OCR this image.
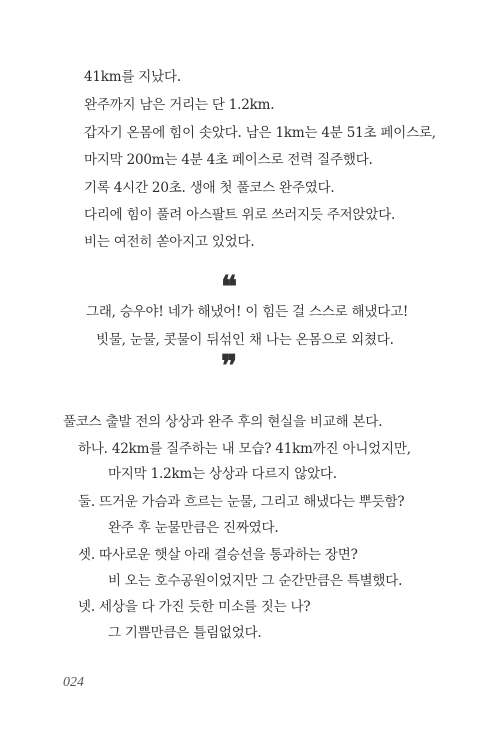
41km를 지났다.
완주까지 남은 거리는 단 1.2km.
갑자기 온몸에 힘이 솟았다. 남은 1km는 4분 51초 페이스로,
마지막 200m는 4분 4초 페이스로 전력 질주했다.
기록 4시간 20초. 생애 첫 풀코스 완주였다.
다리에 힘이 풀려 아스팔트 위로 쓰러지듯 주저앉았다.
비는 여전히 쏟아지고 있었다.
❝
그래, 승우야! 네가 해냈어! 이 힘든 걸 스스로 해냈다고!
빗물, 눈물, 콧물이 뒤섞인 채 나는 온몸으로 외쳤다.
❞
풀코스 출발 전의 상상과 완주 후의 현실을 비교해 본다.
하나. 42km를 질주하는 내 모습? 41km까진 아니었지만,
마지막 1.2km는 상상과 다르지 않았다.
둘. 뜨거운 가슴과 흐르는 눈물, 그리고 해냈다는 뿌듯함?
완주 후 눈물만큼은 진짜였다.
셋. 따사로운 햇살 아래 결승선을 통과하는 장면?
비 오는 호수공원이었지만 그 순간만큼은 특별했다.
넷. 세상을 다 가진 듯한 미소를 짓는 나?
그 기쁨만큼은 틀림없었다.
024
